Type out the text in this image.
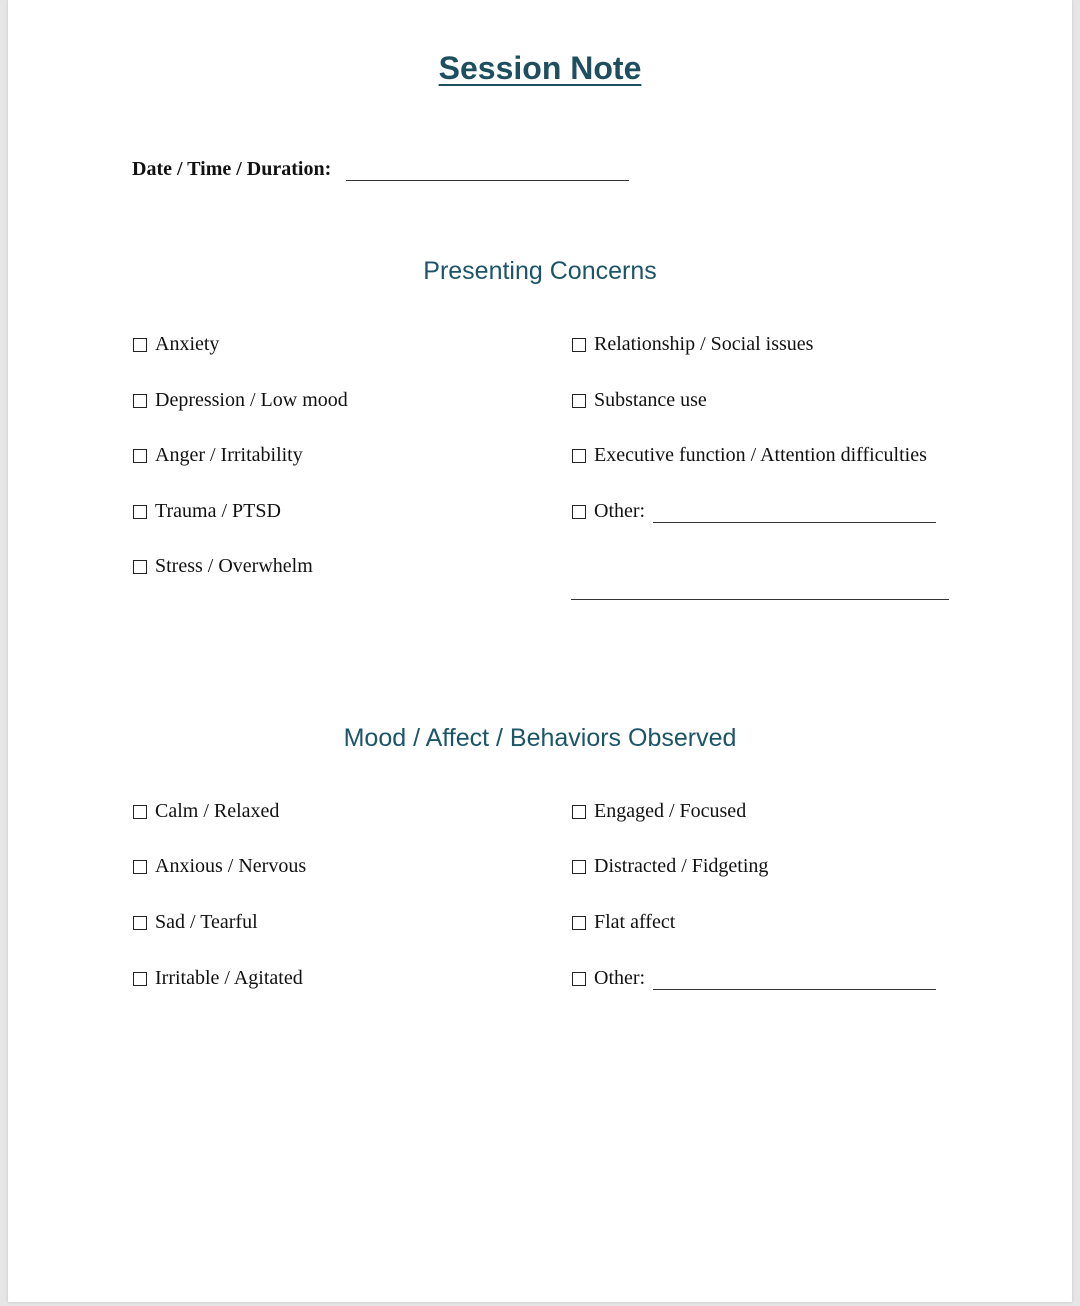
Session Note
Date / Time / Duration:
Presenting Concerns
Anxiety
Depression / Low mood
Anger / Irritability
Trauma / PTSD
Stress / Overwhelm
Relationship / Social issues
Substance use
Executive function / Attention difficulties
Other:
Mood / Affect / Behaviors Observed
Calm / Relaxed
Anxious / Nervous
Sad / Tearful
Irritable / Agitated
Engaged / Focused
Distracted / Fidgeting
Flat affect
Other:
